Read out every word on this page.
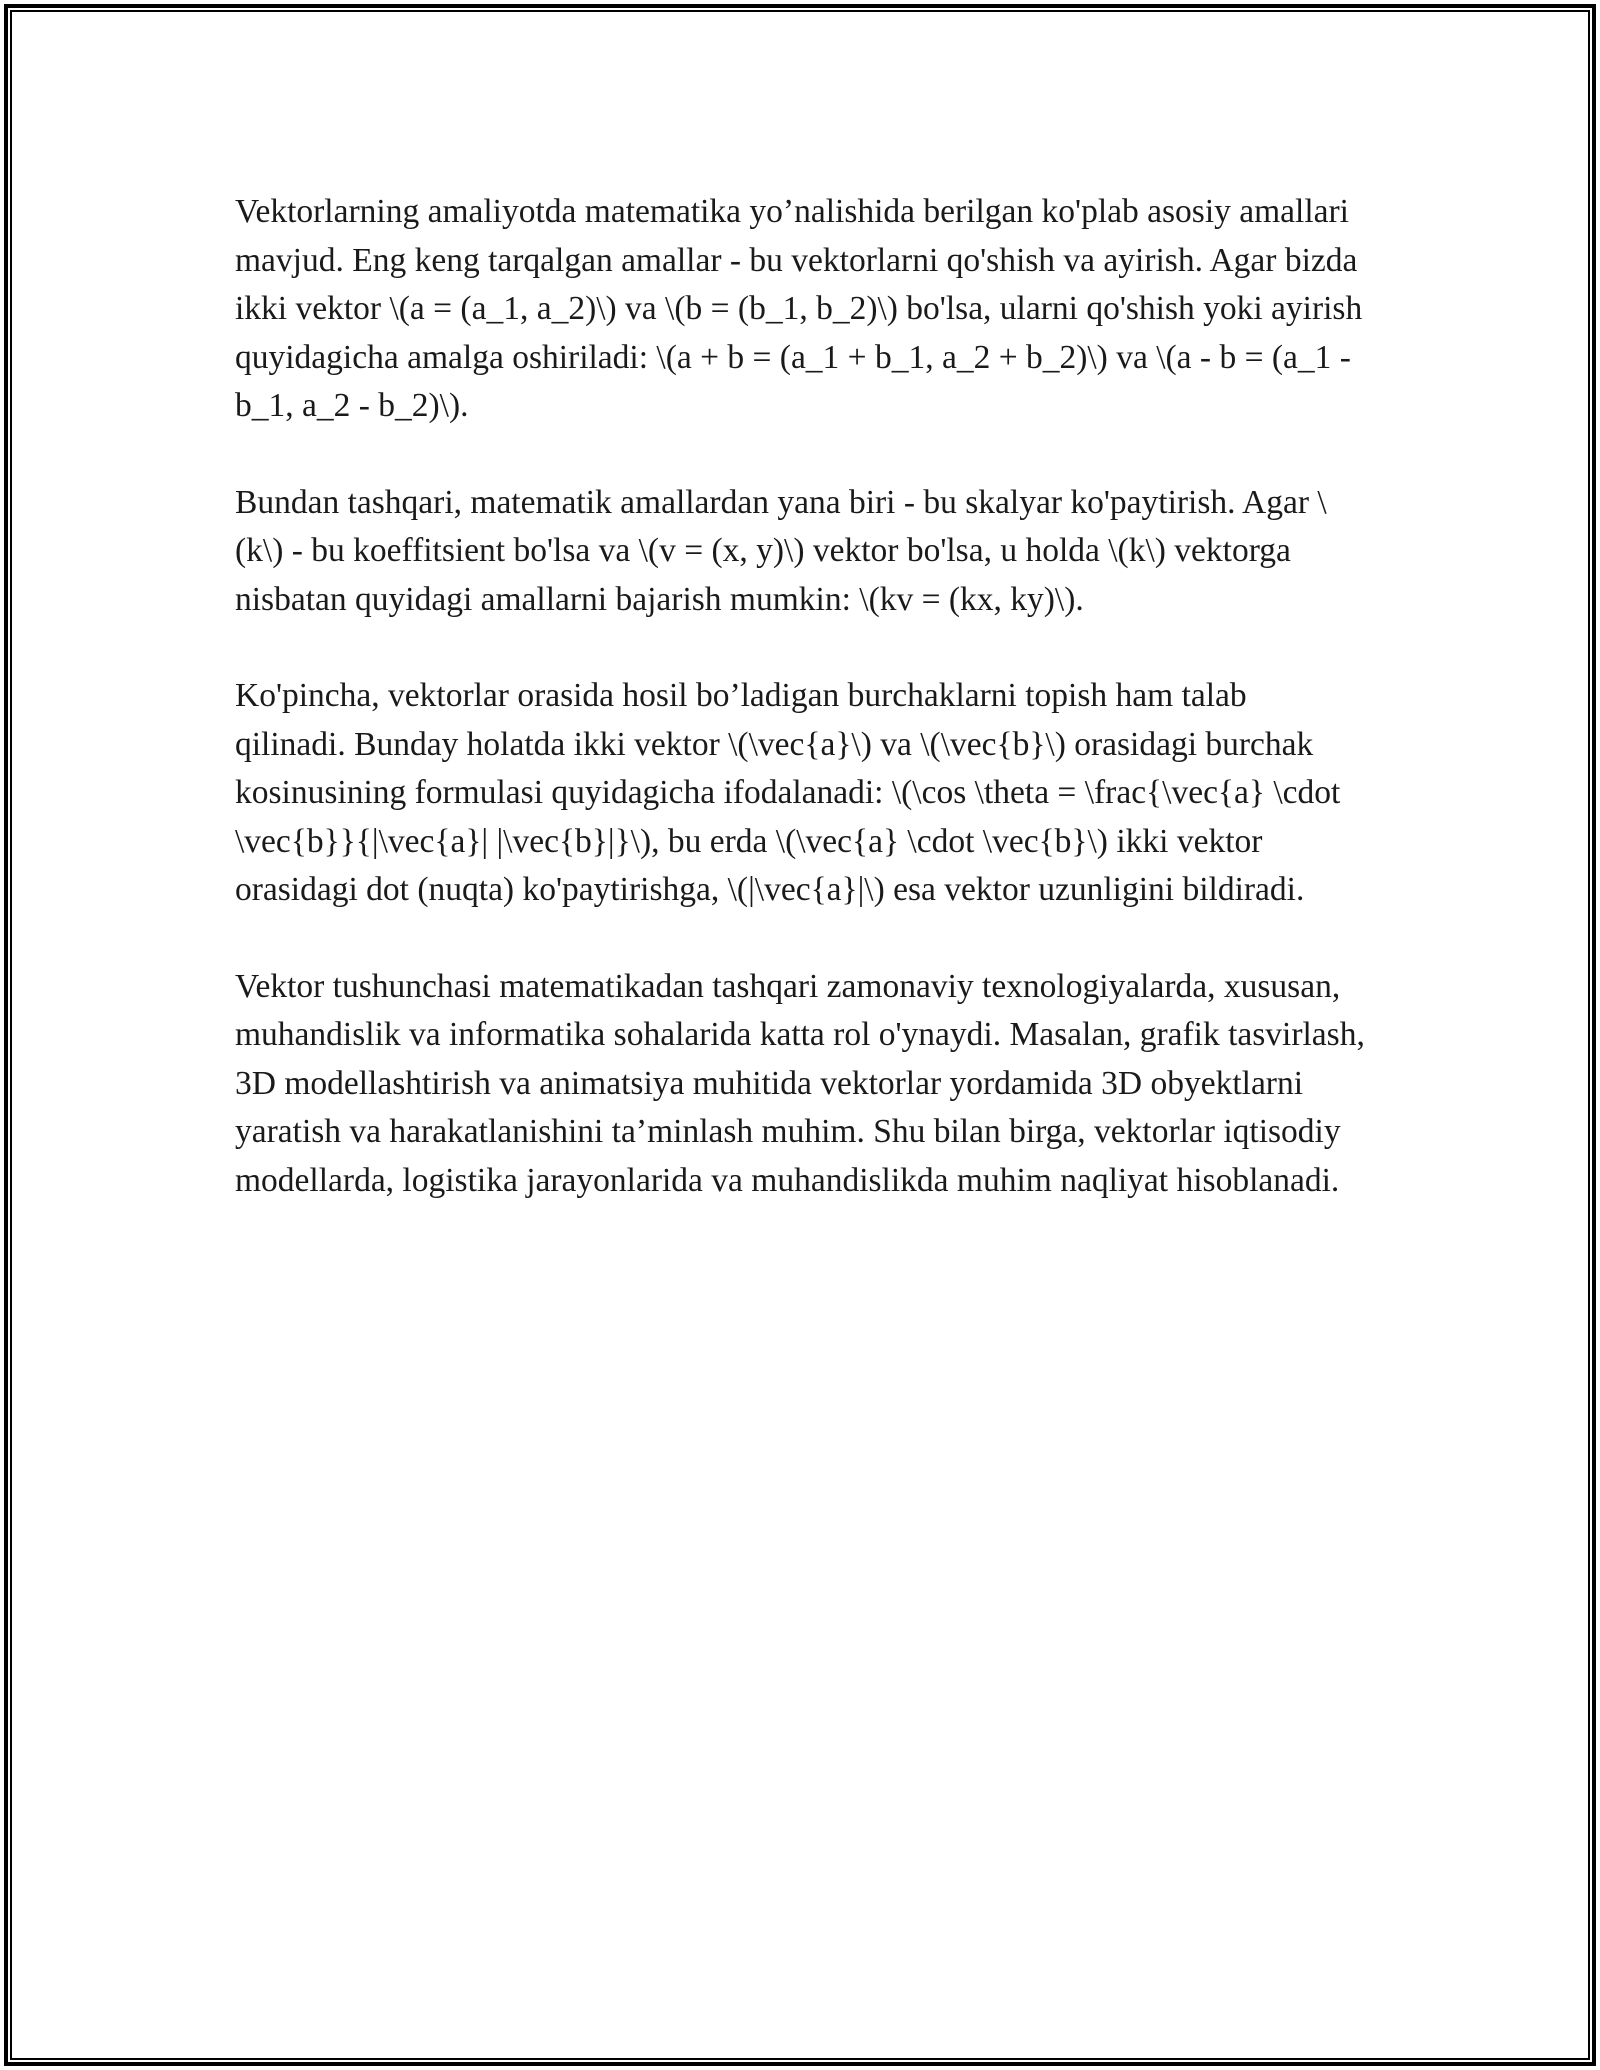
Vektorlarning amaliyotda matematika yo’nalishida berilgan ko'plab asosiy amallari mavjud. Eng keng tarqalgan amallar - bu vektorlarni qo'shish va ayirish. Agar bizda ikki vektor \(a = (a_1, a_2)\) va \(b = (b_1, b_2)\) bo'lsa, ularni qo'shish yoki ayirish quyidagicha amalga oshiriladi: \(a + b = (a_1 + b_1, a_2 + b_2)\) va \(a - b = (a_1 - b_1, a_2 - b_2)\).

Bundan tashqari, matematik amallardan yana biri - bu skalyar ko'paytirish. Agar \(k\) - bu koeffitsient bo'lsa va \(v = (x, y)\) vektor bo'lsa, u holda \(k\) vektorga nisbatan quyidagi amallarni bajarish mumkin: \(kv = (kx, ky)\).

Ko'pincha, vektorlar orasida hosil bo’ladigan burchaklarni topish ham talab qilinadi. Bunday holatda ikki vektor \(\vec{a}\) va \(\vec{b}\) orasidagi burchak kosinusining formulasi quyidagicha ifodalanadi: \(\cos \theta = \frac{\vec{a} \cdot \vec{b}}{|\vec{a}| |\vec{b}|}\), bu erda \(\vec{a} \cdot \vec{b}\) ikki vektor orasidagi dot (nuqta) ko'paytirishga, \(|\vec{a}|\) esa vektor uzunligini bildiradi.

Vektor tushunchasi matematikadan tashqari zamonaviy texnologiyalarda, xususan, muhandislik va informatika sohalarida katta rol o'ynaydi. Masalan, grafik tasvirlash, 3D modellashtirish va animatsiya muhitida vektorlar yordamida 3D obyektlarni yaratish va harakatlanishini ta’minlash muhim. Shu bilan birga, vektorlar iqtisodiy modellarda, logistika jarayonlarida va muhandislikda muhim naqliyat hisoblanadi.
